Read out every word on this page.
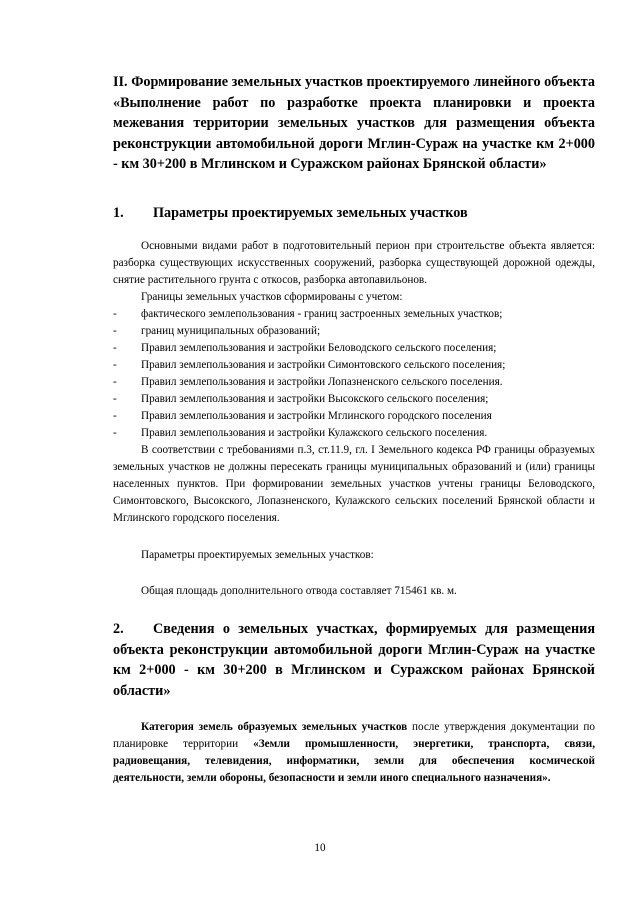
II. Формирование земельных участков проектируемого линейного объекта «Выполнение работ по разработке проекта планировки и проекта межевания территории земельных участков для размещения объекта реконструкции автомобильной дороги Мглин-Сураж на участке км 2+000 - км 30+200 в Мглинском и Суражском районах Брянской области»

1. Параметры проектируемых земельных участков

Основными видами работ в подготовительный перион при строительстве объекта является: разборка существующих искусственных сооружений, разборка существующей дорожной одежды, снятие растительного грунта с откосов, разборка автопавильонов.

Границы земельных участков сформированы с учетом:

- фактического землепользования - границ застроенных земельных участков;
- границ муниципальных образований;
- Правил землепользования и застройки Беловодского сельского поселения;
- Правил землепользования и застройки Симонтовского сельского поселения;
- Правил землепользования и застройки Лопазненского сельского поселения.
- Правил землепользования и застройки Высокского сельского поселения;
- Правил землепользования и застройки Мглинского городского поселения
- Правил землепользования и застройки Кулажского сельского поселения.

В соответствии с требованиями п.3, ст.11.9, гл. I Земельного кодекса РФ границы образуемых земельных участков не должны пересекать границы муниципальных образований и (или) границы населенных пунктов. При формировании земельных участков учтены границы Беловодского, Симонтовского, Высокского, Лопазненского, Кулажского сельских поселений Брянской области и Мглинского городского поселения.

Параметры проектируемых земельных участков:

Общая площадь дополнительного отвода составляет 715461 кв. м.

2. Сведения о земельных участках, формируемых для размещения объекта реконструкции автомобильной дороги Мглин-Сураж на участке км 2+000 - км 30+200 в Мглинском и Суражском районах Брянской области»

Категория земель образуемых земельных участков после утверждения документации по планировке территории «Земли промышленности, энергетики, транспорта, связи, радиовещания, телевидения, информатики, земли для обеспечения космической деятельности, земли обороны, безопасности и земли иного специального назначения».

10
